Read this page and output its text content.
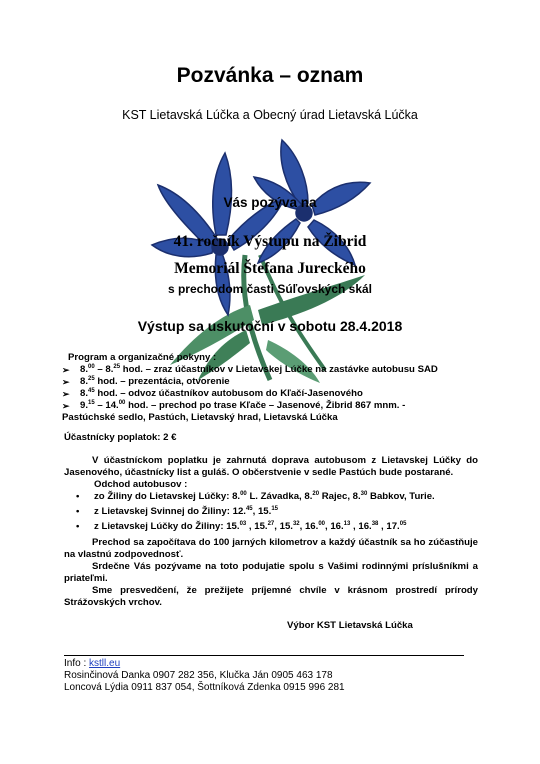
Pozvánka – oznam
KST Lietavská Lúčka a Obecný úrad Lietavská Lúčka
Vás pozýva na
41. ročník Výstupu na Žibrid
Memoriál Štefana Jureckého
s prechodom časti Súľovských skál
Výstup sa uskutoční v sobotu 28.4.2018
Program a organizačné pokyny :
➢ 8.00 – 8.25 hod. – zraz účastníkov v Lietavskej Lúčke na zastávke autobusu SAD
➢ 8.25 hod. – prezentácia, otvorenie
➢ 8.45 hod. – odvoz účastníkov autobusom do Kľačí-Jasenového
➢ 9.15 – 14.00 hod. – prechod po trase Kľače – Jasenové, Žibrid 867 mnm. -
Pastúchské sedlo, Pastúch, Lietavský hrad, Lietavská Lúčka
Účastnícky poplatok: 2 €
V účastníckom poplatku je zahrnutá doprava autobusom z Lietavskej Lúčky do Jasenového, účastnícky list a guláš. O občerstvenie v sedle Pastúch bude postarané.
Odchod autobusov :
• zo Žiliny do Lietavskej Lúčky: 8.00 L. Závadka, 8.20 Rajec, 8.30 Babkov, Turie.
• z Lietavskej Svinnej do Žiliny: 12.45, 15.15
• z Lietavskej Lúčky do Žiliny: 15.03 , 15.27, 15.32, 16.00, 16.13 , 16.38 , 17.05
Prechod sa započítava do 100 jarných kilometrov a každý účastník sa ho zúčastňuje na vlastnú zodpovednosť.
Srdečne Vás pozývame na toto podujatie spolu s Vašimi rodinnými príslušníkmi a priateľmi.
Sme presvedčení, že prežijete príjemné chvíle v krásnom prostredí prírody Strážovských vrchov.
Výbor KST Lietavská Lúčka
Info : kstll.eu
Rosinčinová Danka 0907 282 356, Klučka Ján 0905 463 178
Loncová Lýdia 0911 837 054, Šottníková Zdenka 0915 996 281
